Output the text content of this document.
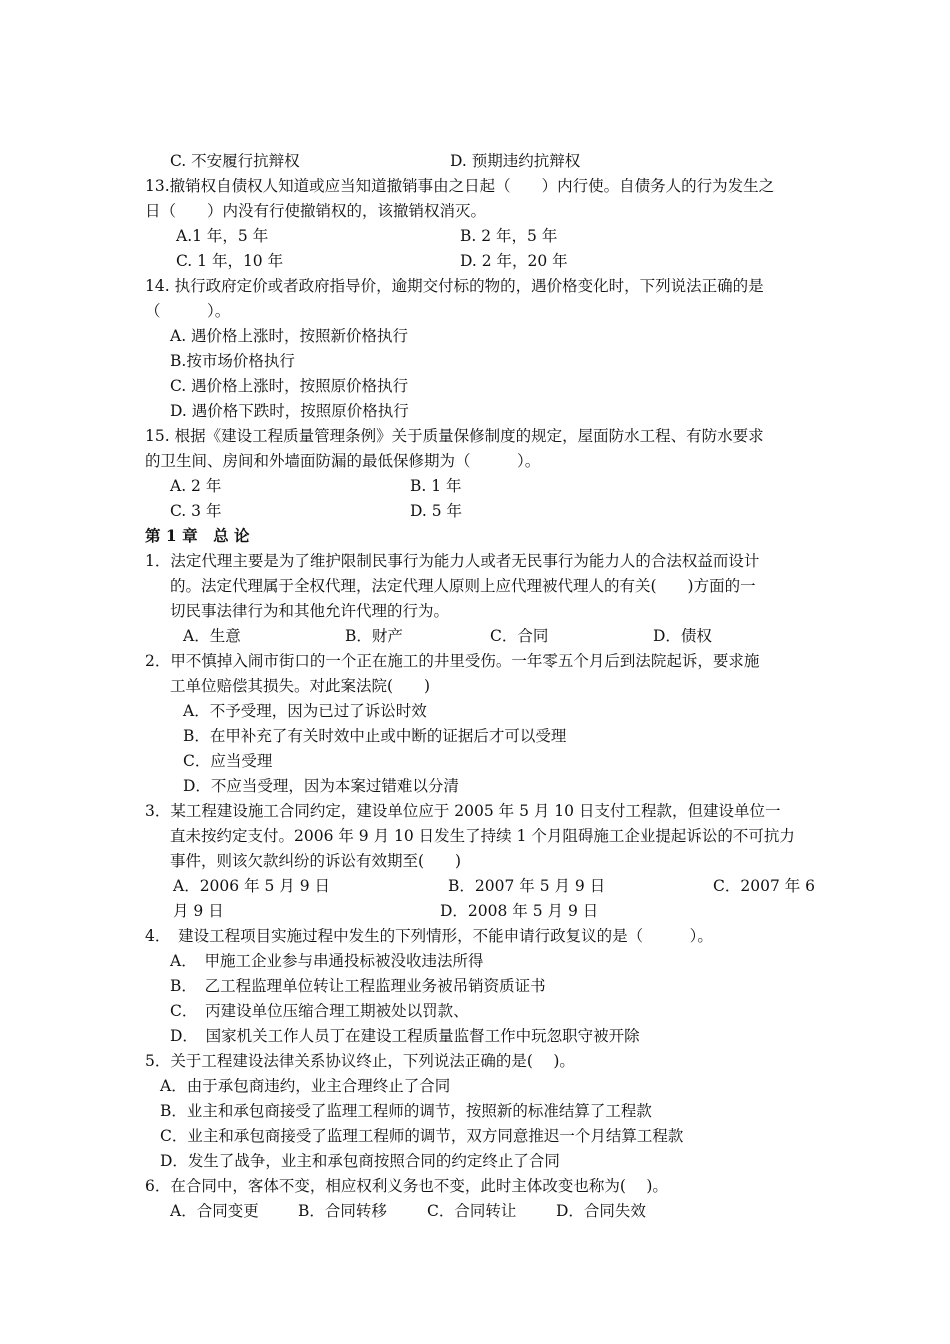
C. 不安履行抗辩权	D. 预期违约抗辩权
13.撤销权自债权人知道或应当知道撤销事由之日起（　　）内行使。自债务人的行为发生之
日（　　）内没有行使撤销权的，该撤销权消灭。
A.1 年，5 年	B. 2 年，5 年
C. 1 年，10 年	D. 2 年，20 年
14. 执行政府定价或者政府指导价，逾期交付标的物的，遇价格变化时，下列说法正确的是
（　　　）。
A. 遇价格上涨时，按照新价格执行
B.按市场价格执行
C. 遇价格上涨时，按照原价格执行
D. 遇价格下跌时，按照原价格执行
15. 根据《建设工程质量管理条例》关于质量保修制度的规定，屋面防水工程、有防水要求
的卫生间、房间和外墙面防漏的最低保修期为（　　　）。
A. 2 年	B. 1 年
C. 3 年	D. 5 年
第 1 章　总 论
1．法定代理主要是为了维护限制民事行为能力人或者无民事行为能力人的合法权益而设计
的。法定代理属于全权代理，法定代理人原则上应代理被代理人的有关(　　)方面的一
切民事法律行为和其他允许代理的行为。
A．生意	B．财产	C．合同	D．债权
2．甲不慎掉入闹市街口的一个正在施工的井里受伤。一年零五个月后到法院起诉，要求施
工单位赔偿其损失。对此案法院(　　)
A．不予受理，因为已过了诉讼时效
B．在甲补充了有关时效中止或中断的证据后才可以受理
C．应当受理
D．不应当受理，因为本案过错难以分清
3．某工程建设施工合同约定，建设单位应于 2005 年 5 月 10 日支付工程款，但建设单位一
直未按约定支付。2006 年 9 月 10 日发生了持续 1 个月阻碍施工企业提起诉讼的不可抗力
事件，则该欠款纠纷的诉讼有效期至(　　)
A．2006 年 5 月 9 日	B．2007 年 5 月 9 日	C．2007 年 6
月 9 日	D．2008 年 5 月 9 日
4．　建设工程项目实施过程中发生的下列情形，不能申请行政复议的是（　　　）。
A．　甲施工企业参与串通投标被没收违法所得
B．　乙工程监理单位转让工程监理业务被吊销资质证书
C．　丙建设单位压缩合理工期被处以罚款、
D．　国家机关工作人员丁在建设工程质量监督工作中玩忽职守被开除
5．关于工程建设法律关系协议终止，下列说法正确的是(　 )。
A．由于承包商违约，业主合理终止了合同
B．业主和承包商接受了监理工程师的调节，按照新的标准结算了工程款
C．业主和承包商接受了监理工程师的调节，双方同意推迟一个月结算工程款
D．发生了战争，业主和承包商按照合同的约定终止了合同
6．在合同中，客体不变，相应权利义务也不变，此时主体改变也称为(　 )。
A．合同变更	B．合同转移	C．合同转让	D．合同失效
